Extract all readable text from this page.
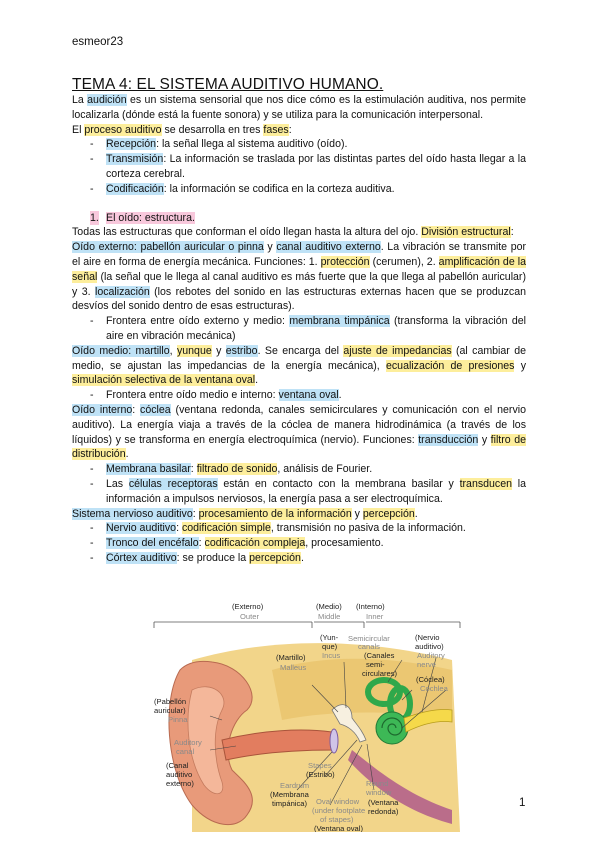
esmeor23
TEMA 4: EL SISTEMA AUDITIVO HUMANO.

La audición es un sistema sensorial que nos dice cómo es la estimulación auditiva, nos permite localizarla (dónde está la fuente sonora) y se utiliza para la comunicación interpersonal.

El proceso auditivo se desarrolla en tres fases:

- Recepción: la señal llega al sistema auditivo (oído).

- Transmisión: La información se traslada por las distintas partes del oído hasta llegar a la corteza cerebral.

- Codificación: la información se codifica en la corteza auditiva.

1. El oído: estructura.

Todas las estructuras que conforman el oído llegan hasta la altura del ojo. División estructural:

Oído externo: pabellón auricular o pinna y canal auditivo externo. La vibración se transmite por el aire en forma de energía mecánica. Funciones: 1. protección (cerumen), 2. amplificación de la señal (la señal que le llega al canal auditivo es más fuerte que la que llega al pabellón auricular) y 3. localización (los rebotes del sonido en las estructuras externas hacen que se produzcan desvíos del sonido dentro de esas estructuras).

- Frontera entre oído externo y medio: membrana timpánica (transforma la vibración del aire en vibración mecánica)

Oído medio: martillo, yunque y estribo. Se encarga del ajuste de impedancias (al cambiar de medio, se ajustan las impedancias de la energía mecánica), ecualización de presiones y simulación selectiva de la ventana oval.

- Frontera entre oído medio e interno: ventana oval.

Oído interno: cóclea (ventana redonda, canales semicirculares y comunicación con el nervio auditivo). La energía viaja a través de la cóclea de manera hidrodinámica (a través de los líquidos) y se transforma en energía electroquímica (nervio). Funciones: transducción y filtro de distribución.

- Membrana basilar: filtrado de sonido, análisis de Fourier.

- Las células receptoras están en contacto con la membrana basilar y transducen la información a impulsos nerviosos, la energía pasa a ser electroquímica.

Sistema nervioso auditivo: procesamiento de la información y percepción.

- Nervio auditivo: codificación simple, transmisión no pasiva de la información.

- Tronco del encéfalo: codificación compleja, procesamiento.

- Córtex auditivo: se produce la percepción.

(Externo)
Outer
(Medio)
Middle
(Interno)
Inner
(Yun-
que)
Incus
Semicircular
canals
(Canales
semi-
circulares)
(Nervio
auditivo)
Auditory
nerve
(Martillo)
Malleus
(Cóclea)
Cochlea
(Pabellón
auricular)
Pinna
Auditory
canal
(Canal
auditivo
externo)
Stapes
(Estribo)
Eardrum
(Membrana
timpánica)
Round
window
(Ventana
redonda)
Oval window
(under footplate
of stapes)
(Ventana oval)
1
